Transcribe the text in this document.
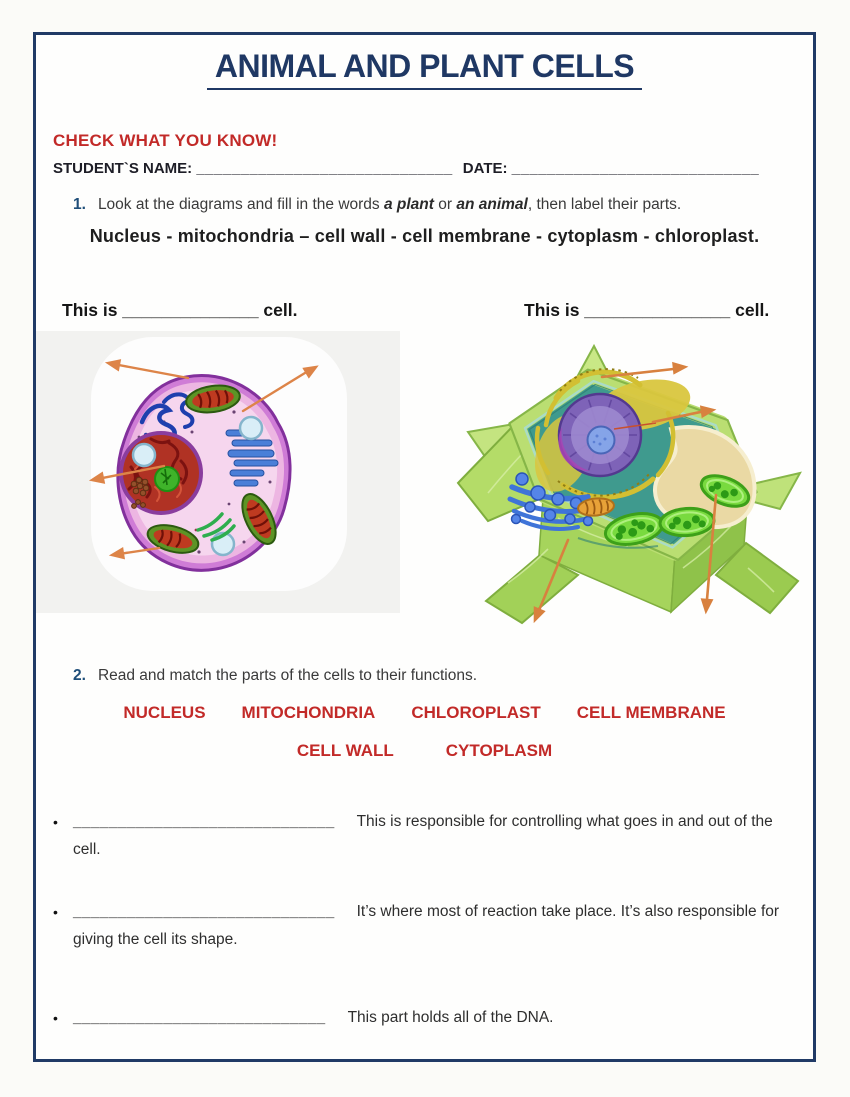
ANIMAL AND PLANT CELLS
CHECK WHAT YOU KNOW!
STUDENT`S NAME: _____________________________ DATE: ____________________________
1. Look at the diagrams and fill in the words a plant or an animal, then label their parts.
Nucleus - mitochondria – cell wall - cell membrane - cytoplasm - chloroplast.
This is ______________ cell.	This is _______________ cell.
2. Read and match the parts of the cells to their functions.
NUCLEUS MITOCHONDRIA CHLOROPLAST CELL MEMBRANE
CELL WALL	CYTOPLASM
• _____________________________ This is responsible for controlling what goes in and out of the cell.
• _____________________________ It’s where most of reaction take place. It’s also responsible for giving the cell its shape.
• ____________________________ This part holds all of the DNA.
